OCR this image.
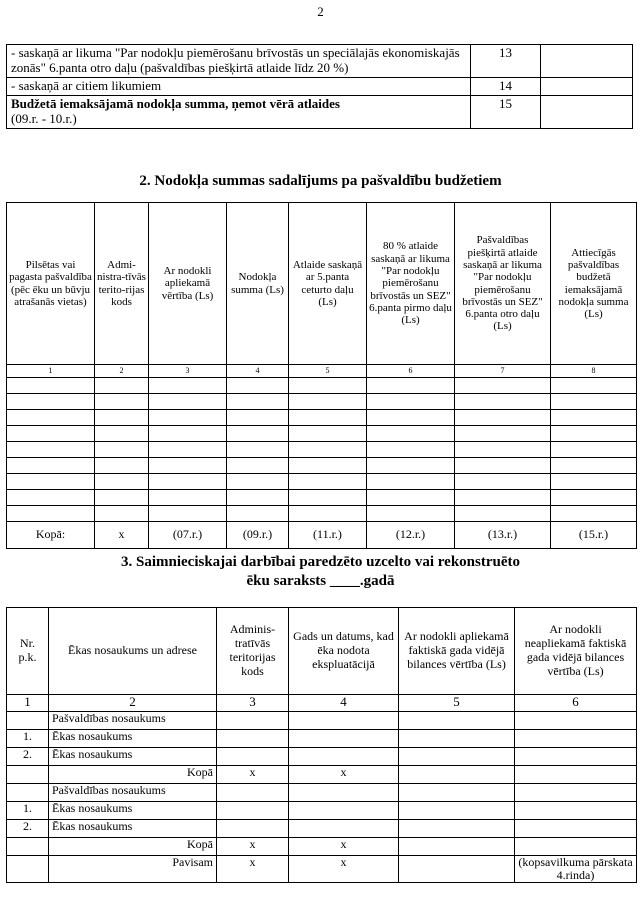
2
- saskaņā ar likuma "Par nodokļu piemērošanu brīvostās un speciālajās ekonomiskajās zonās" 6.panta otro daļu (pašvaldības piešķirtā atlaide līdz 20 %)	13	
- saskaņā ar citiem likumiem	14	
Budžetā iemaksājamā nodokļa summa, ņemot vērā atlaides
(09.r. - 10.r.)	15	
2. Nodokļa summas sadalījums pa pašvaldību budžetiem
Pilsētas vai pagasta pašvaldība (pēc ēku un būvju atrašanās vietas)	Admi-nistra-tīvās terito-rijas kods	Ar nodokli apliekamā vērtība (Ls)	Nodokļa summa (Ls)	Atlaide saskaņā ar 5.panta ceturto daļu (Ls)	80 % atlaide saskaņā ar likuma "Par nodokļu piemērošanu brīvostās un SEZ" 6.panta pirmo daļu (Ls)	Pašvaldības piešķirtā atlaide saskaņā ar likuma "Par nodokļu piemērošanu brīvostās un SEZ" 6.panta otro daļu (Ls)	Attiecīgās pašvaldības budžetā iemaksājamā nodokļa summa (Ls)
1	2	3	4	5	6	7	8

Kopā:	x	(07.r.)	(09.r.)	(11.r.)	(12.r.)	(13.r.)	(15.r.)
3. Saimnieciskajai darbībai paredzēto uzcelto vai rekonstruēto
ēku saraksts ____.gadā
Nr. p.k.	Ēkas nosaukums un adrese	Adminis-tratīvās teritorijas kods	Gads un datums, kad ēka nodota ekspluatācijā	Ar nodokli apliekamā faktiskā gada vidējā bilances vērtība (Ls)	Ar nodokli neapliekamā faktiskā gada vidējā bilances vērtība (Ls)
1	2	3	4	5	6
	Pašvaldības nosaukums				
1.	Ēkas nosaukums				
2.	Ēkas nosaukums				
	Kopā	x	x		
	Pašvaldības nosaukums				
1.	Ēkas nosaukums				
2.	Ēkas nosaukums				
	Kopā	x	x		
	Pavisam	x	x		(kopsavilkuma pārskata 4.rinda)
